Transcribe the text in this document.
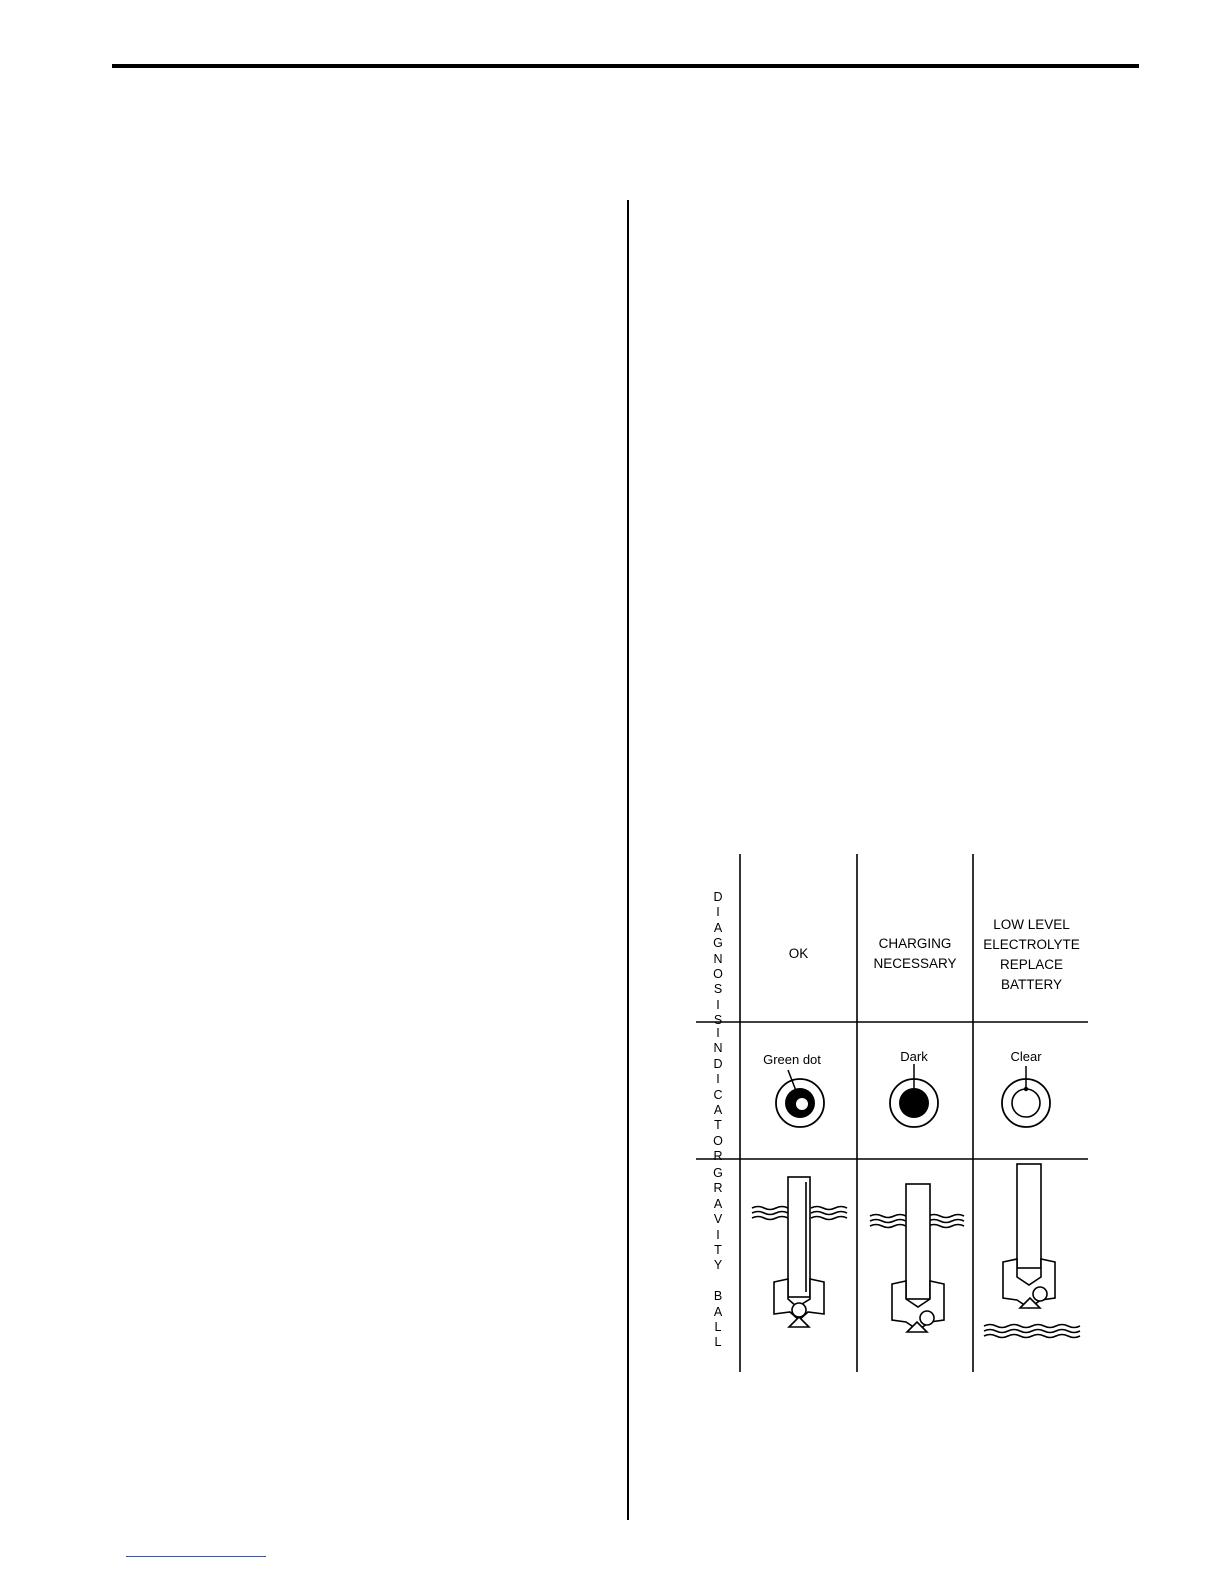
D
I
A
G
N
O
S
I
S
I
N
D
I
C
A
T
O
R
G
R
A
V
I
T
Y

B
A
L
L
OK
CHARGING
NECESSARY
LOW LEVEL
ELECTROLYTE
REPLACE
BATTERY
Green dot	Dark	Clear
